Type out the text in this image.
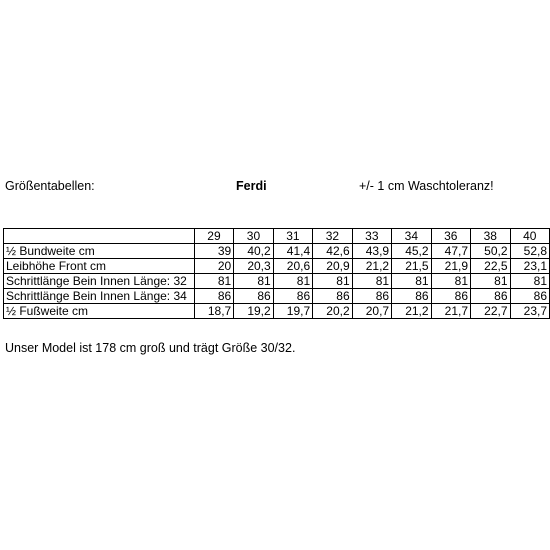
Größentabellen:	Ferdi	+/- 1 cm Waschtoleranz!
	29	30	31	32	33	34	36	38	40
½ Bundweite cm	39	40,2	41,4	42,6	43,9	45,2	47,7	50,2	52,8
Leibhöhe Front cm	20	20,3	20,6	20,9	21,2	21,5	21,9	22,5	23,1
Schrittlänge Bein Innen Länge: 32	81	81	81	81	81	81	81	81	81
Schrittlänge Bein Innen Länge: 34	86	86	86	86	86	86	86	86	86
½ Fußweite cm	18,7	19,2	19,7	20,2	20,7	21,2	21,7	22,7	23,7
Unser Model ist 178 cm groß und trägt Größe 30/32.
